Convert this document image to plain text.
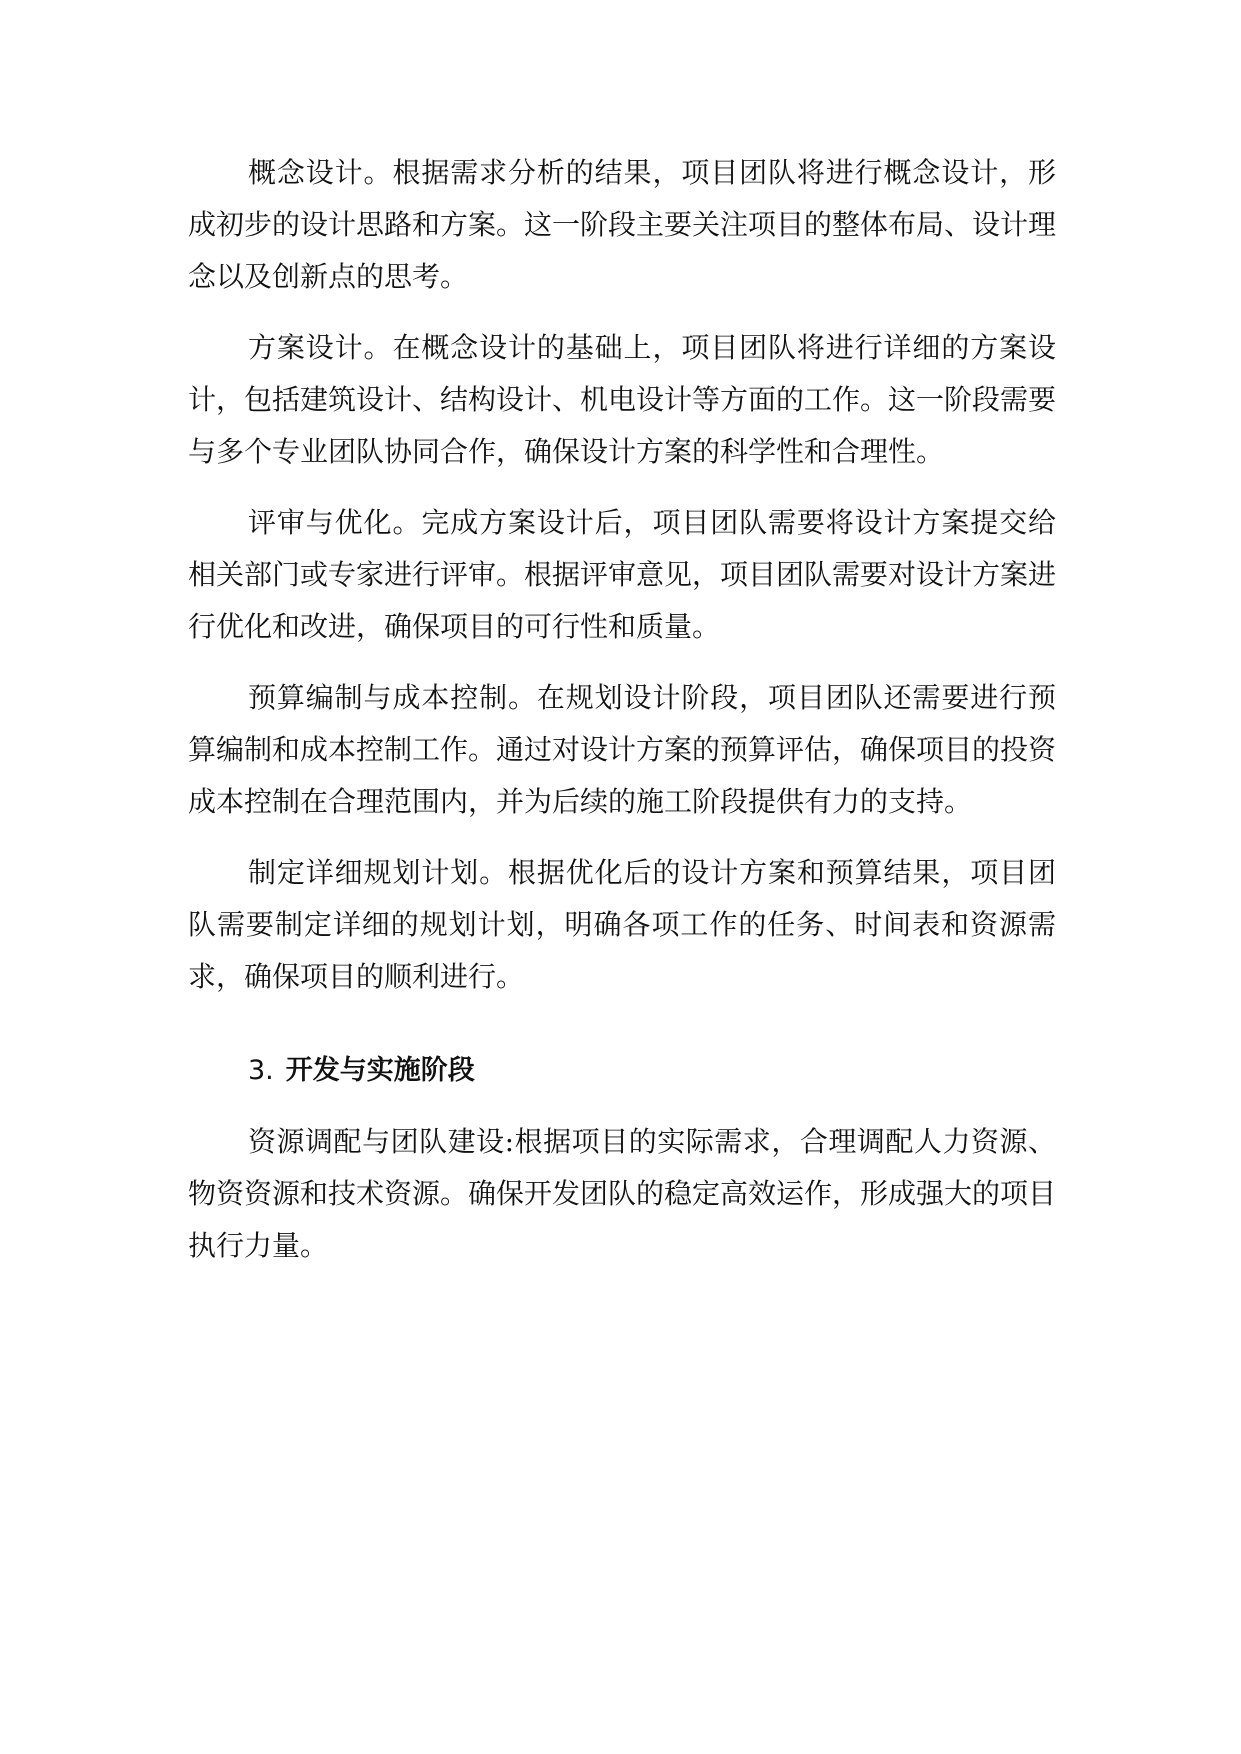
概念设计。根据需求分析的结果，项目团队将进行概念设计，形成初步的设计思路和方案。这一阶段主要关注项目的整体布局、设计理念以及创新点的思考。

方案设计。在概念设计的基础上，项目团队将进行详细的方案设计，包括建筑设计、结构设计、机电设计等方面的工作。这一阶段需要与多个专业团队协同合作，确保设计方案的科学性和合理性。

评审与优化。完成方案设计后，项目团队需要将设计方案提交给相关部门或专家进行评审。根据评审意见，项目团队需要对设计方案进行优化和改进，确保项目的可行性和质量。

预算编制与成本控制。在规划设计阶段，项目团队还需要进行预算编制和成本控制工作。通过对设计方案的预算评估，确保项目的投资成本控制在合理范围内，并为后续的施工阶段提供有力的支持。

制定详细规划计划。根据优化后的设计方案和预算结果，项目团队需要制定详细的规划计划，明确各项工作的任务、时间表和资源需求，确保项目的顺利进行。

3. 开发与实施阶段

资源调配与团队建设:根据项目的实际需求，合理调配人力资源、物资资源和技术资源。确保开发团队的稳定高效运作，形成强大的项目执行力量。
